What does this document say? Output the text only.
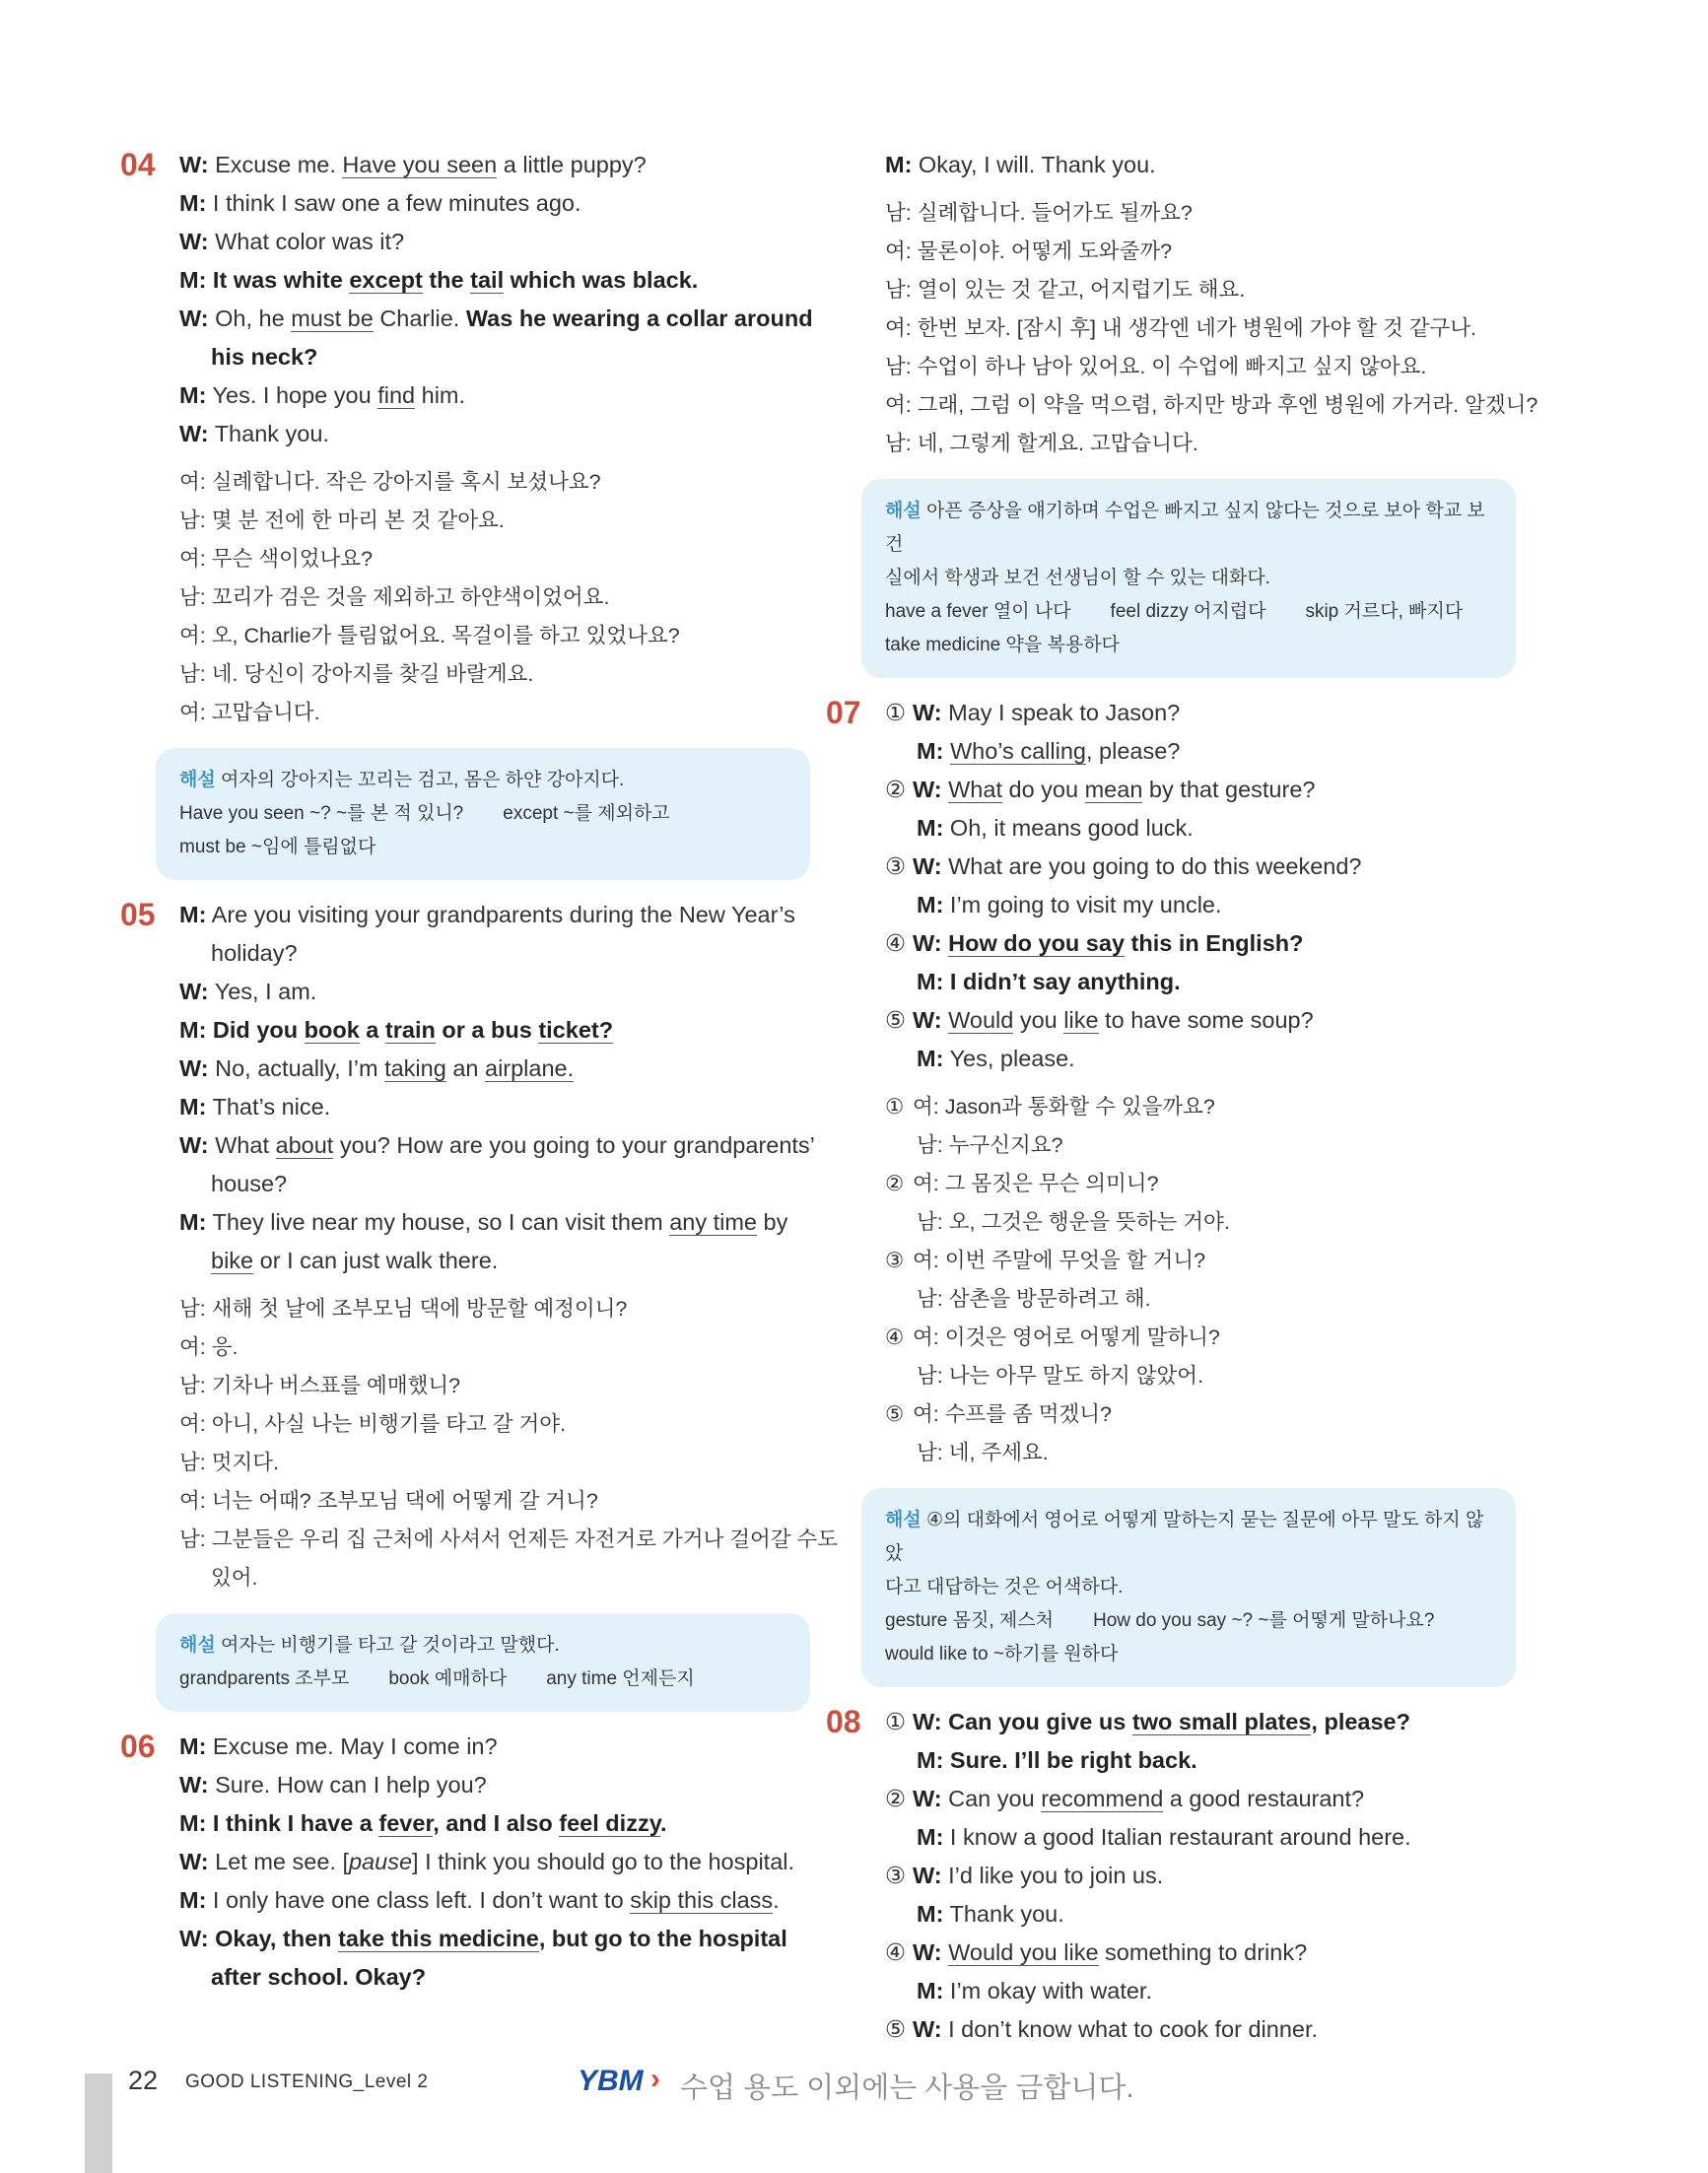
04 W: Excuse me. Have you seen a little puppy?
M: I think I saw one a few minutes ago.
W: What color was it?
M: It was white except the tail which was black.
W: Oh, he must be Charlie. Was he wearing a collar around
his neck?
M: Yes. I hope you find him.
W: Thank you.
여: 실례합니다. 작은 강아지를 혹시 보셨나요?
남: 몇 분 전에 한 마리 본 것 같아요.
여: 무슨 색이었나요?
남: 꼬리가 검은 것을 제외하고 하얀색이었어요.
여: 오, Charlie가 틀림없어요. 목걸이를 하고 있었나요?
남: 네. 당신이 강아지를 찾길 바랄게요.
여: 고맙습니다.
해설 여자의 강아지는 꼬리는 검고, 몸은 하얀 강아지다.
Have you seen ~? ~를 본 적 있니? except ~를 제외하고
must be ~임에 틀림없다
05 M: Are you visiting your grandparents during the New Year’s
holiday?
W: Yes, I am.
M: Did you book a train or a bus ticket?
W: No, actually, I’m taking an airplane.
M: That’s nice.
W: What about you? How are you going to your grandparents’
house?
M: They live near my house, so I can visit them any time by
bike or I can just walk there.
남: 새해 첫 날에 조부모님 댁에 방문할 예정이니?
여: 응.
남: 기차나 버스표를 예매했니?
여: 아니, 사실 나는 비행기를 타고 갈 거야.
남: 멋지다.
여: 너는 어때? 조부모님 댁에 어떻게 갈 거니?
남: 그분들은 우리 집 근처에 사셔서 언제든 자전거로 가거나 걸어갈 수도
있어.
해설 여자는 비행기를 타고 갈 것이라고 말했다.
grandparents 조부모 book 예매하다 any time 언제든지
06 M: Excuse me. May I come in?
W: Sure. How can I help you?
M: I think I have a fever, and I also feel dizzy.
W: Let me see. [pause] I think you should go to the hospital.
M: I only have one class left. I don’t want to skip this class.
W: Okay, then take this medicine, but go to the hospital
after school. Okay?
M: Okay, I will. Thank you.
남: 실례합니다. 들어가도 될까요?
여: 물론이야. 어떻게 도와줄까?
남: 열이 있는 것 같고, 어지럽기도 해요.
여: 한번 보자. [잠시 후] 내 생각엔 네가 병원에 가야 할 것 같구나.
남: 수업이 하나 남아 있어요. 이 수업에 빠지고 싶지 않아요.
여: 그래, 그럼 이 약을 먹으렴, 하지만 방과 후엔 병원에 가거라. 알겠니?
남: 네, 그렇게 할게요. 고맙습니다.
해설 아픈 증상을 얘기하며 수업은 빠지고 싶지 않다는 것으로 보아 학교 보건
실에서 학생과 보건 선생님이 할 수 있는 대화다.
have a fever 열이 나다 feel dizzy 어지럽다 skip 거르다, 빠지다
take medicine 약을 복용하다
07 ① W: May I speak to Jason?
M: Who’s calling, please?
② W: What do you mean by that gesture?
M: Oh, it means good luck.
③ W: What are you going to do this weekend?
M: I’m going to visit my uncle.
④ W: How do you say this in English?
M: I didn’t say anything.
⑤ W: Would you like to have some soup?
M: Yes, please.
① 여: Jason과 통화할 수 있을까요?
남: 누구신지요?
② 여: 그 몸짓은 무슨 의미니?
남: 오, 그것은 행운을 뜻하는 거야.
③ 여: 이번 주말에 무엇을 할 거니?
남: 삼촌을 방문하려고 해.
④ 여: 이것은 영어로 어떻게 말하니?
남: 나는 아무 말도 하지 않았어.
⑤ 여: 수프를 좀 먹겠니?
남: 네, 주세요.
해설 ④의 대화에서 영어로 어떻게 말하는지 묻는 질문에 아무 말도 하지 않았
다고 대답하는 것은 어색하다.
gesture 몸짓, 제스처 How do you say ~? ~를 어떻게 말하나요?
would like to ~하기를 원하다
08 ① W: Can you give us two small plates, please?
M: Sure. I’ll be right back.
② W: Can you recommend a good restaurant?
M: I know a good Italian restaurant around here.
③ W: I’d like you to join us.
M: Thank you.
④ W: Would you like something to drink?
M: I’m okay with water.
⑤ W: I don’t know what to cook for dinner.
22 GOOD LISTENING_Level 2	YBM › 수업 용도 이외에는 사용을 금합니다.
